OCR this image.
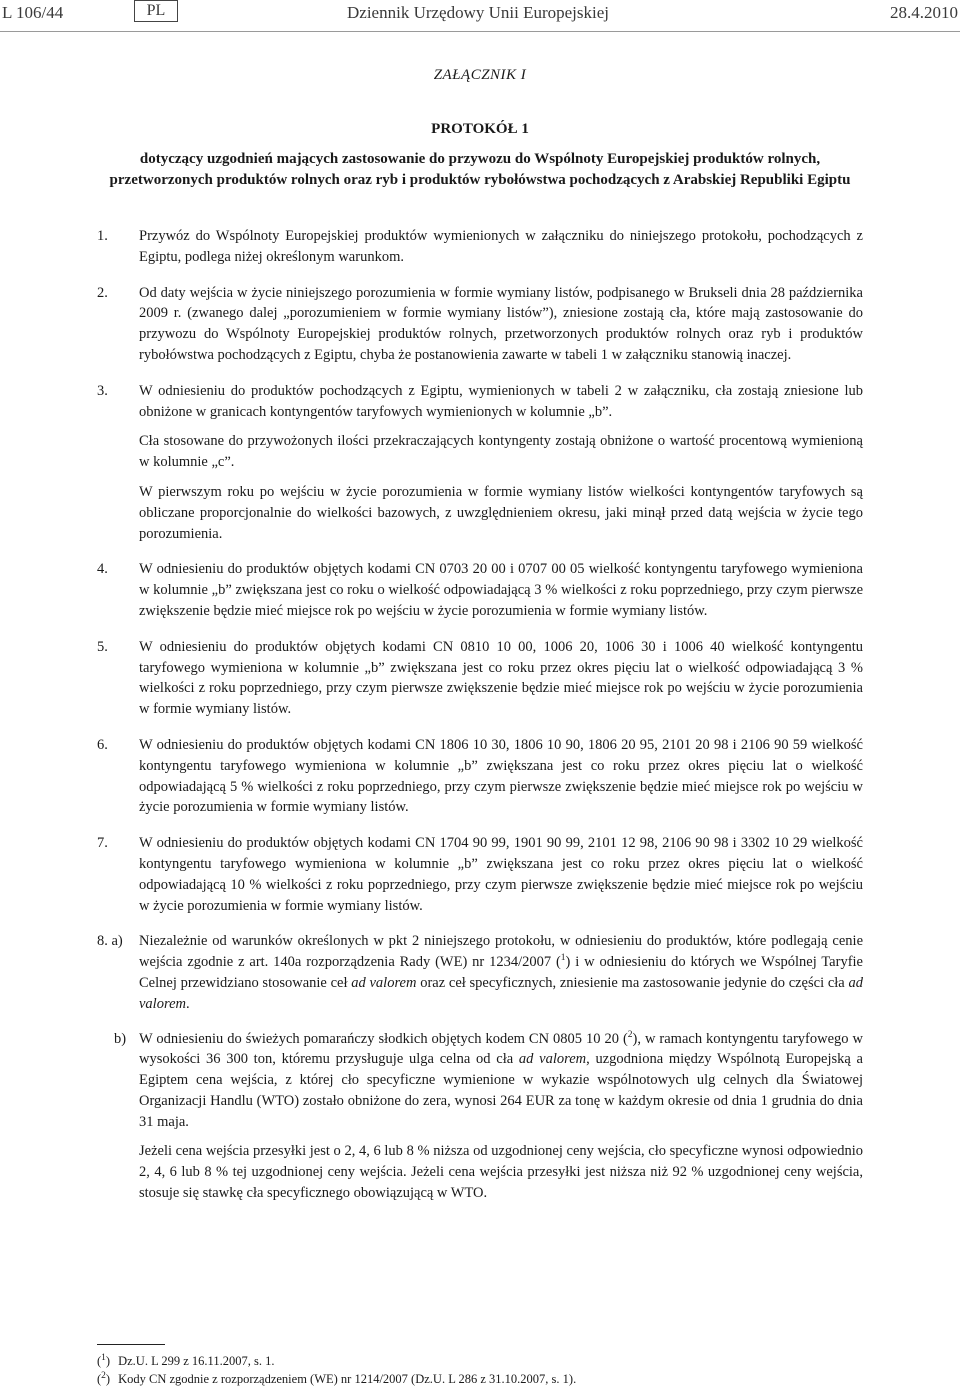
L 106/44	PL	Dziennik Urzędowy Unii Europejskiej	28.4.2010
ZAŁĄCZNIK I
PROTOKÓŁ 1
dotyczący uzgodnień mających zastosowanie do przywozu do Wspólnoty Europejskiej produktów rolnych, przetworzonych produktów rolnych oraz ryb i produktów rybołówstwa pochodzących z Arabskiej Republiki Egiptu
1. Przywóz do Wspólnoty Europejskiej produktów wymienionych w załączniku do niniejszego protokołu, pochodzących z Egiptu, podlega niżej określonym warunkom.

2. Od daty wejścia w życie niniejszego porozumienia w formie wymiany listów, podpisanego w Brukseli dnia 28 października 2009 r. (zwanego dalej „porozumieniem w formie wymiany listów”), zniesione zostają cła, które mają zastosowanie do przywozu do Wspólnoty Europejskiej produktów rolnych, przetworzonych produktów rolnych oraz ryb i produktów rybołówstwa pochodzących z Egiptu, chyba że postanowienia zawarte w tabeli 1 w załączniku stanowią inaczej.

3. W odniesieniu do produktów pochodzących z Egiptu, wymienionych w tabeli 2 w załączniku, cła zostają zniesione lub obniżone w granicach kontyngentów taryfowych wymienionych w kolumnie „b”.

Cła stosowane do przywożonych ilości przekraczających kontyngenty zostają obniżone o wartość procentową wymienioną w kolumnie „c”.

W pierwszym roku po wejściu w życie porozumienia w formie wymiany listów wielkości kontyngentów taryfowych są obliczane proporcjonalnie do wielkości bazowych, z uwzględnieniem okresu, jaki minął przed datą wejścia w życie tego porozumienia.

4. W odniesieniu do produktów objętych kodami CN 0703 20 00 i 0707 00 05 wielkość kontyngentu taryfowego wymieniona w kolumnie „b” zwiększana jest co roku o wielkość odpowiadającą 3 % wielkości z roku poprzedniego, przy czym pierwsze zwiększenie będzie mieć miejsce rok po wejściu w życie porozumienia w formie wymiany listów.

5. W odniesieniu do produktów objętych kodami CN 0810 10 00, 1006 20, 1006 30 i 1006 40 wielkość kontyngentu taryfowego wymieniona w kolumnie „b” zwiększana jest co roku przez okres pięciu lat o wielkość odpowiadającą 3 % wielkości z roku poprzedniego, przy czym pierwsze zwiększenie będzie mieć miejsce rok po wejściu w życie porozumienia w formie wymiany listów.

6. W odniesieniu do produktów objętych kodami CN 1806 10 30, 1806 10 90, 1806 20 95, 2101 20 98 i 2106 90 59 wielkość kontyngentu taryfowego wymieniona w kolumnie „b” zwiększana jest co roku przez okres pięciu lat o wielkość odpowiadającą 5 % wielkości z roku poprzedniego, przy czym pierwsze zwiększenie będzie mieć miejsce rok po wejściu w życie porozumienia w formie wymiany listów.

7. W odniesieniu do produktów objętych kodami CN 1704 90 99, 1901 90 99, 2101 12 98, 2106 90 98 i 3302 10 29 wielkość kontyngentu taryfowego wymieniona w kolumnie „b” zwiększana jest co roku przez okres pięciu lat o wielkość odpowiadającą 10 % wielkości z roku poprzedniego, przy czym pierwsze zwiększenie będzie mieć miejsce rok po wejściu w życie porozumienia w formie wymiany listów.

8. a) Niezależnie od warunków określonych w pkt 2 niniejszego protokołu, w odniesieniu do produktów, które podlegają cenie wejścia zgodnie z art. 140a rozporządzenia Rady (WE) nr 1234/2007 ($^1$) i w odniesieniu do których we Wspólnej Taryfie Celnej przewidziano stosowanie ceł ad valorem oraz ceł specyficznych, zniesienie ma zastosowanie jedynie do części cła ad valorem.

b) W odniesieniu do świeżych pomarańczy słodkich objętych kodem CN 0805 10 20 ($^2$), w ramach kontyngentu taryfowego w wysokości 36 300 ton, któremu przysługuje ulga celna od cła ad valorem, uzgodniona między Wspólnotą Europejską a Egiptem cena wejścia, z której cło specyficzne wymienione w wykazie wspólnotowych ulg celnych dla Światowej Organizacji Handlu (WTO) zostało obniżone do zera, wynosi 264 EUR za tonę w każdym okresie od dnia 1 grudnia do dnia 31 maja.

Jeżeli cena wejścia przesyłki jest o 2, 4, 6 lub 8 % niższa od uzgodnionej ceny wejścia, cło specyficzne wynosi odpowiednio 2, 4, 6 lub 8 % tej uzgodnionej ceny wejścia. Jeżeli cena wejścia przesyłki jest niższa niż 92 % uzgodnionej ceny wejścia, stosuje się stawkę cła specyficznego obowiązującą w WTO.

($^1$) Dz.U. L 299 z 16.11.2007, s. 1.
($^2$) Kody CN zgodnie z rozporządzeniem (WE) nr 1214/2007 (Dz.U. L 286 z 31.10.2007, s. 1).
